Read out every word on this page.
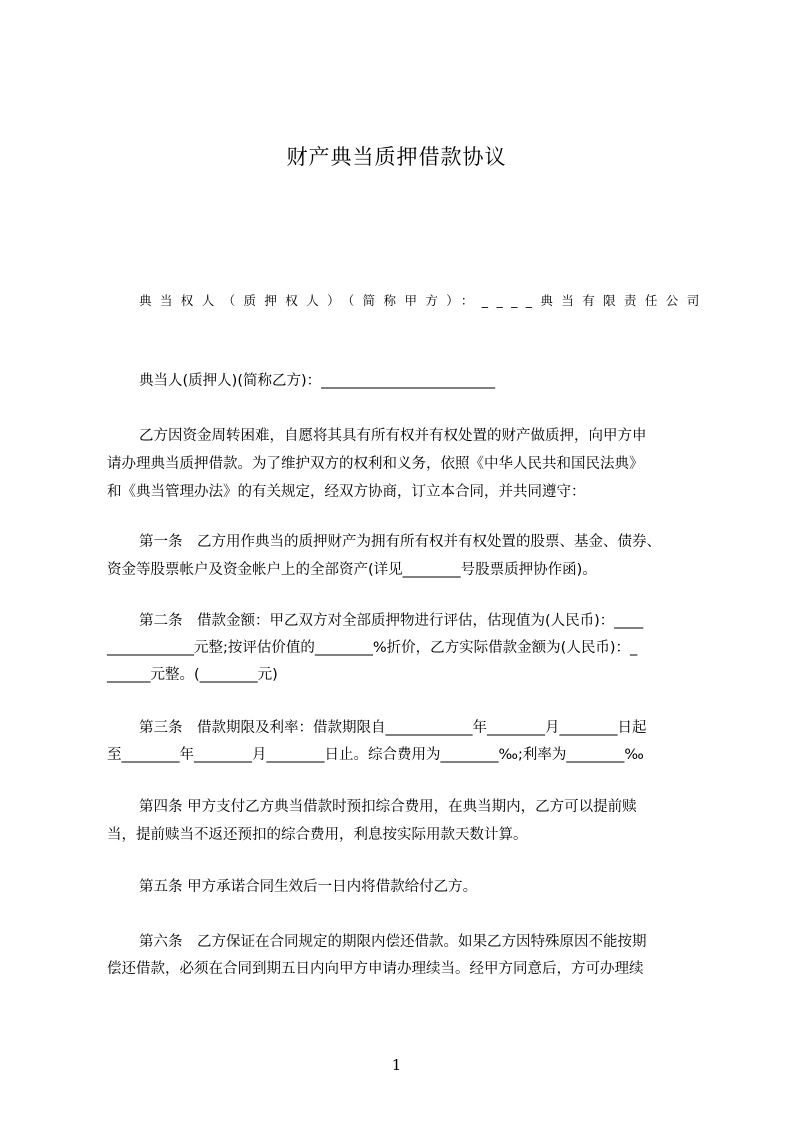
财产典当质押借款协议
典当权人（质押权人）（简称甲方）：____典当有限责任公司
典当人(质押人)(简称乙方)：________________________
乙方因资金周转困难，自愿将其具有所有权并有权处置的财产做质押，向甲方申
请办理典当质押借款。为了维护双方的权利和义务，依照《中华人民共和国民法典》
和《典当管理办法》的有关规定，经双方协商，订立本合同，并共同遵守：
第一条　乙方用作典当的质押财产为拥有所有权并有权处置的股票、基金、债券、
资金等股票帐户及资金帐户上的全部资产(详见________号股票质押协作函)。
第二条　借款金额：甲乙双方对全部质押物进行评估，估现值为(人民币)：____
____________元整;按评估价值的________%折价，乙方实际借款金额为(人民币)：_
______元整。(________元)
第三条　借款期限及利率：借款期限自____________年________月________日起
至________年________月________日止。综合费用为________‰;利率为________‰
第四条 甲方支付乙方典当借款时预扣综合费用，在典当期内，乙方可以提前赎
当，提前赎当不返还预扣的综合费用，利息按实际用款天数计算。
第五条 甲方承诺合同生效后一日内将借款给付乙方。
第六条　乙方保证在合同规定的期限内偿还借款。如果乙方因特殊原因不能按期
偿还借款，必须在合同到期五日内向甲方申请办理续当。经甲方同意后，方可办理续
1
